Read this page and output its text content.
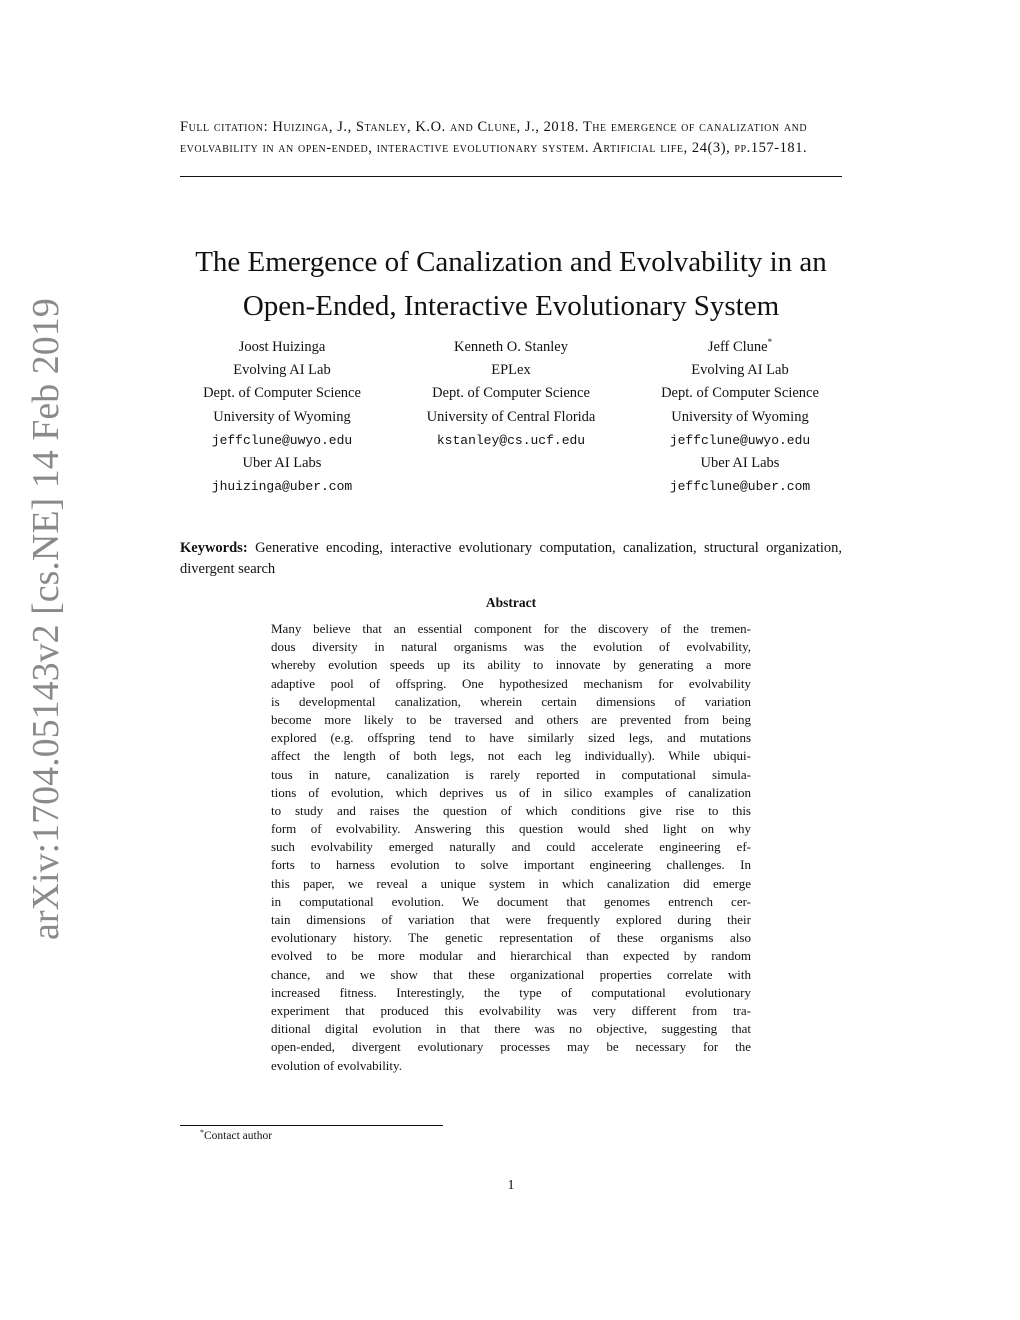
arXiv:1704.05143v2 [cs.NE] 14 Feb 2019
Full citation: Huizinga, J., Stanley, K.O. and Clune, J., 2018. The emergence of canalization and evolvability in an open-ended, interactive evolutionary system. Artificial life, 24(3), pp.157-181.
The Emergence of Canalization and Evolvability in an
Open-Ended, Interactive Evolutionary System
Joost Huizinga
Evolving AI Lab
Dept. of Computer Science
University of Wyoming
jeffclune@uwyo.edu
Uber AI Labs
jhuizinga@uber.com
Kenneth O. Stanley
EPLex
Dept. of Computer Science
University of Central Florida
kstanley@cs.ucf.edu
Jeff Clune*
Evolving AI Lab
Dept. of Computer Science
University of Wyoming
jeffclune@uwyo.edu
Uber AI Labs
jeffclune@uber.com

Keywords: Generative encoding, interactive evolutionary computation, canalization, structural organization, divergent search

Abstract
Many believe that an essential component for the discovery of the tremen-
dous diversity in natural organisms was the evolution of evolvability,
whereby evolution speeds up its ability to innovate by generating a more
adaptive pool of offspring. One hypothesized mechanism for evolvability
is developmental canalization, wherein certain dimensions of variation
become more likely to be traversed and others are prevented from being
explored (e.g. offspring tend to have similarly sized legs, and mutations
affect the length of both legs, not each leg individually). While ubiqui-
tous in nature, canalization is rarely reported in computational simula-
tions of evolution, which deprives us of in silico examples of canalization
to study and raises the question of which conditions give rise to this
form of evolvability. Answering this question would shed light on why
such evolvability emerged naturally and could accelerate engineering ef-
forts to harness evolution to solve important engineering challenges. In
this paper, we reveal a unique system in which canalization did emerge
in computational evolution. We document that genomes entrench cer-
tain dimensions of variation that were frequently explored during their
evolutionary history. The genetic representation of these organisms also
evolved to be more modular and hierarchical than expected by random
chance, and we show that these organizational properties correlate with
increased fitness. Interestingly, the type of computational evolutionary
experiment that produced this evolvability was very different from tra-
ditional digital evolution in that there was no objective, suggesting that
open-ended, divergent evolutionary processes may be necessary for the
evolution of evolvability.
*Contact author
1
